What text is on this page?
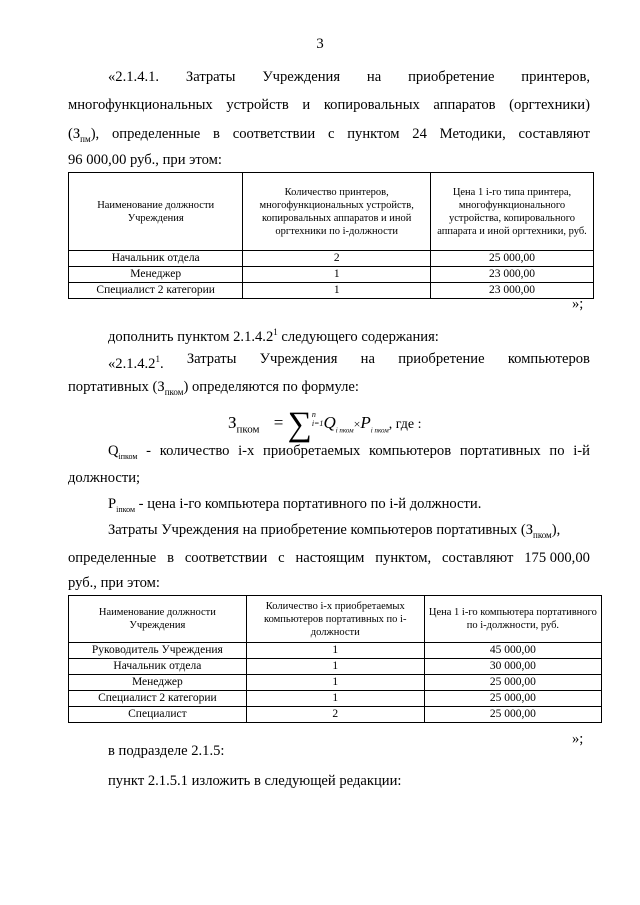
3
«2.1.4.1. Затраты Учреждения на приобретение принтеров,
многофункциональных устройств и копировальных аппаратов (оргтехники)
$(З_{пм})$, определенные в соответствии с пунктом 24 Методики, составляют
96 000,00 руб., при этом:
Наименование должности Учреждения	Количество принтеров, многофункциональных устройств, копировальных аппаратов и иной оргтехники по i-должности	Цена 1 i-го типа принтера, многофункционального устройства, копировального аппарата и иной оргтехники, руб.
Начальник отдела	2	25 000,00
Менеджер	1	23 000,00
Специалист 2 категории	1	23 000,00
»;
дополнить пунктом 2.1.4.2$^1$ следующего содержания:
«2.1.4.2$^1$. Затраты Учреждения на приобретение компьютеров
портативных $(З_{пком})$ определяются по формуле:
$З_{пком}$ = ∑ n
i=1 $Q_{i пком}\times P_{i пком}$, где :
$Q_{iпком}$ - количество i-х приобретаемых компьютеров портативных по i-й
должности;
$P_{iпком}$ - цена i-го компьютера портативного по i-й должности.
Затраты Учреждения на приобретение компьютеров портативных $(З_{пком})$,
определенные в соответствии с настоящим пунктом, составляют 175 000,00
руб., при этом:
Наименование должности Учреждения	Количество i-х приобретаемых компьютеров портативных по i-должности	Цена 1 i-го компьютера портативного по i-должности, руб.
Руководитель Учреждения	1	45 000,00
Начальник отдела	1	30 000,00
Менеджер	1	25 000,00
Специалист 2 категории	1	25 000,00
Специалист	2	25 000,00
»;
в подразделе 2.1.5:
пункт 2.1.5.1 изложить в следующей редакции:
